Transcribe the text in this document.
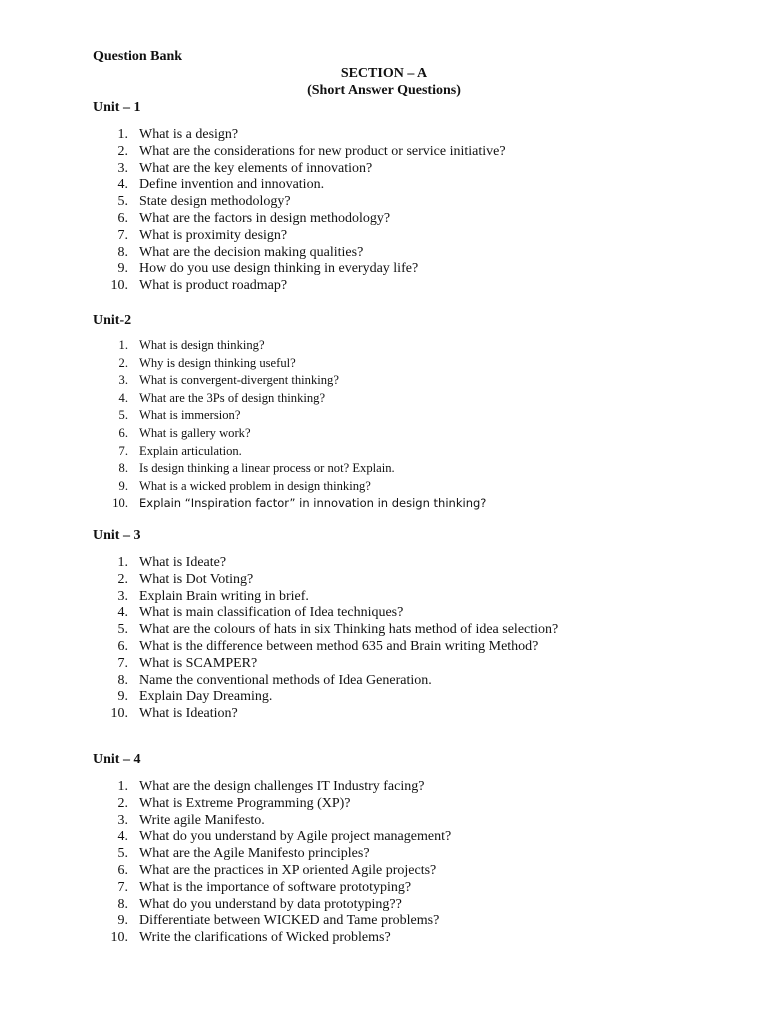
Question Bank

SECTION – A

(Short Answer Questions)

Unit – 1

1. What is a design?
2. What are the considerations for new product or service initiative?
3. What are the key elements of innovation?
4. Define invention and innovation.
5. State design methodology?
6. What are the factors in design methodology?
7. What is proximity design?
8. What are the decision making qualities?
9. How do you use design thinking in everyday life?
10. What is product roadmap?

Unit-2

1. What is design thinking?
2. Why is design thinking useful?
3. What is convergent-divergent thinking?
4. What are the 3Ps of design thinking?
5. What is immersion?
6. What is gallery work?
7. Explain articulation.
8. Is design thinking a linear process or not? Explain.
9. What is a wicked problem in design thinking?
10. Explain “Inspiration factor” in innovation in design thinking?

Unit – 3

1. What is Ideate?
2. What is Dot Voting?
3. Explain Brain writing in brief.
4. What is main classification of Idea techniques?
5. What are the colours of hats in six Thinking hats method of idea selection?
6. What is the difference between method 635 and Brain writing Method?
7. What is SCAMPER?
8. Name the conventional methods of Idea Generation.
9. Explain Day Dreaming.
10. What is Ideation?

Unit – 4

1. What are the design challenges IT Industry facing?
2. What is Extreme Programming (XP)?
3. Write agile Manifesto.
4. What do you understand by Agile project management?
5. What are the Agile Manifesto principles?
6. What are the practices in XP oriented Agile projects?
7. What is the importance of software prototyping?
8. What do you understand by data prototyping??
9. Differentiate between WICKED and Tame problems?
10. Write the clarifications of Wicked problems?
